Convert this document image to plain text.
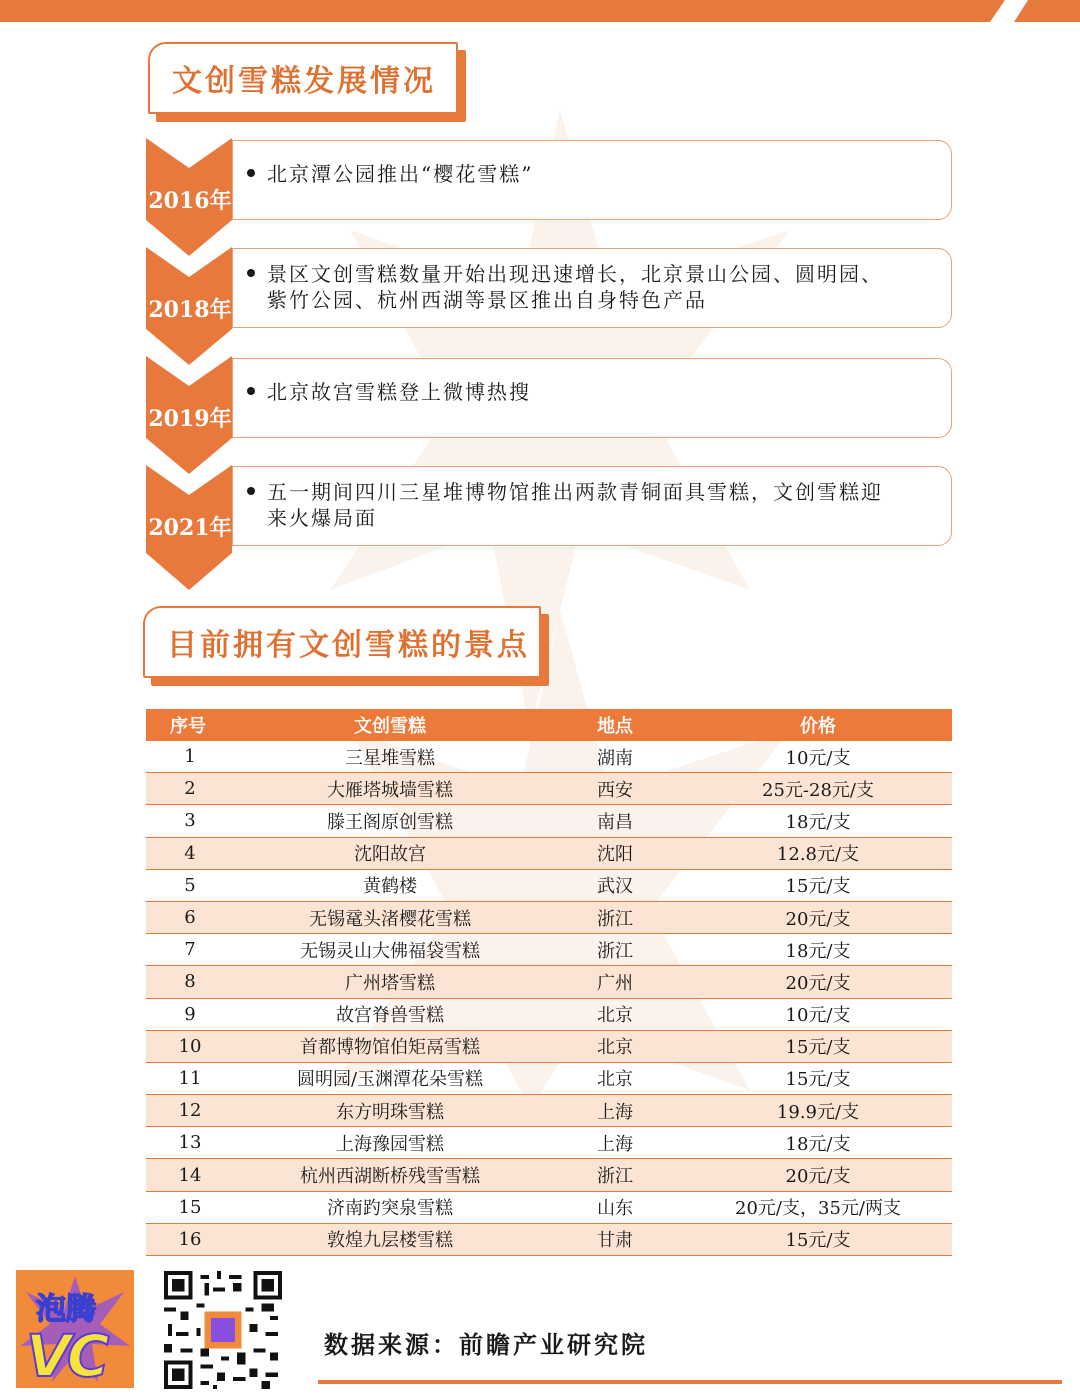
文创雪糕发展情况
2016年
北京潭公园推出“樱花雪糕”
2018年
景区文创雪糕数量开始出现迅速增长，北京景山公园、圆明园、
紫竹公园、杭州西湖等景区推出自身特色产品
2019年
北京故宫雪糕登上微博热搜
2021年
五一期间四川三星堆博物馆推出两款青铜面具雪糕，文创雪糕迎
来火爆局面
目前拥有文创雪糕的景点
序号	文创雪糕	地点	价格
1	三星堆雪糕	湖南	10元/支
2	大雁塔城墙雪糕	西安	25元-28元/支
3	滕王阁原创雪糕	南昌	18元/支
4	沈阳故宫	沈阳	12.8元/支
5	黄鹤楼	武汉	15元/支
6	无锡鼋头渚樱花雪糕	浙江	20元/支
7	无锡灵山大佛福袋雪糕	浙江	18元/支
8	广州塔雪糕	广州	20元/支
9	故宫脊兽雪糕	北京	10元/支
10	首都博物馆伯矩鬲雪糕	北京	15元/支
11	圆明园/玉渊潭花朵雪糕	北京	15元/支
12	东方明珠雪糕	上海	19.9元/支
13	上海豫园雪糕	上海	18元/支
14	杭州西湖断桥残雪雪糕	浙江	20元/支
15	济南趵突泉雪糕	山东	20元/支，35元/两支
16	敦煌九层楼雪糕	甘肃	15元/支
泡腾
VC	数据来源：前瞻产业研究院
